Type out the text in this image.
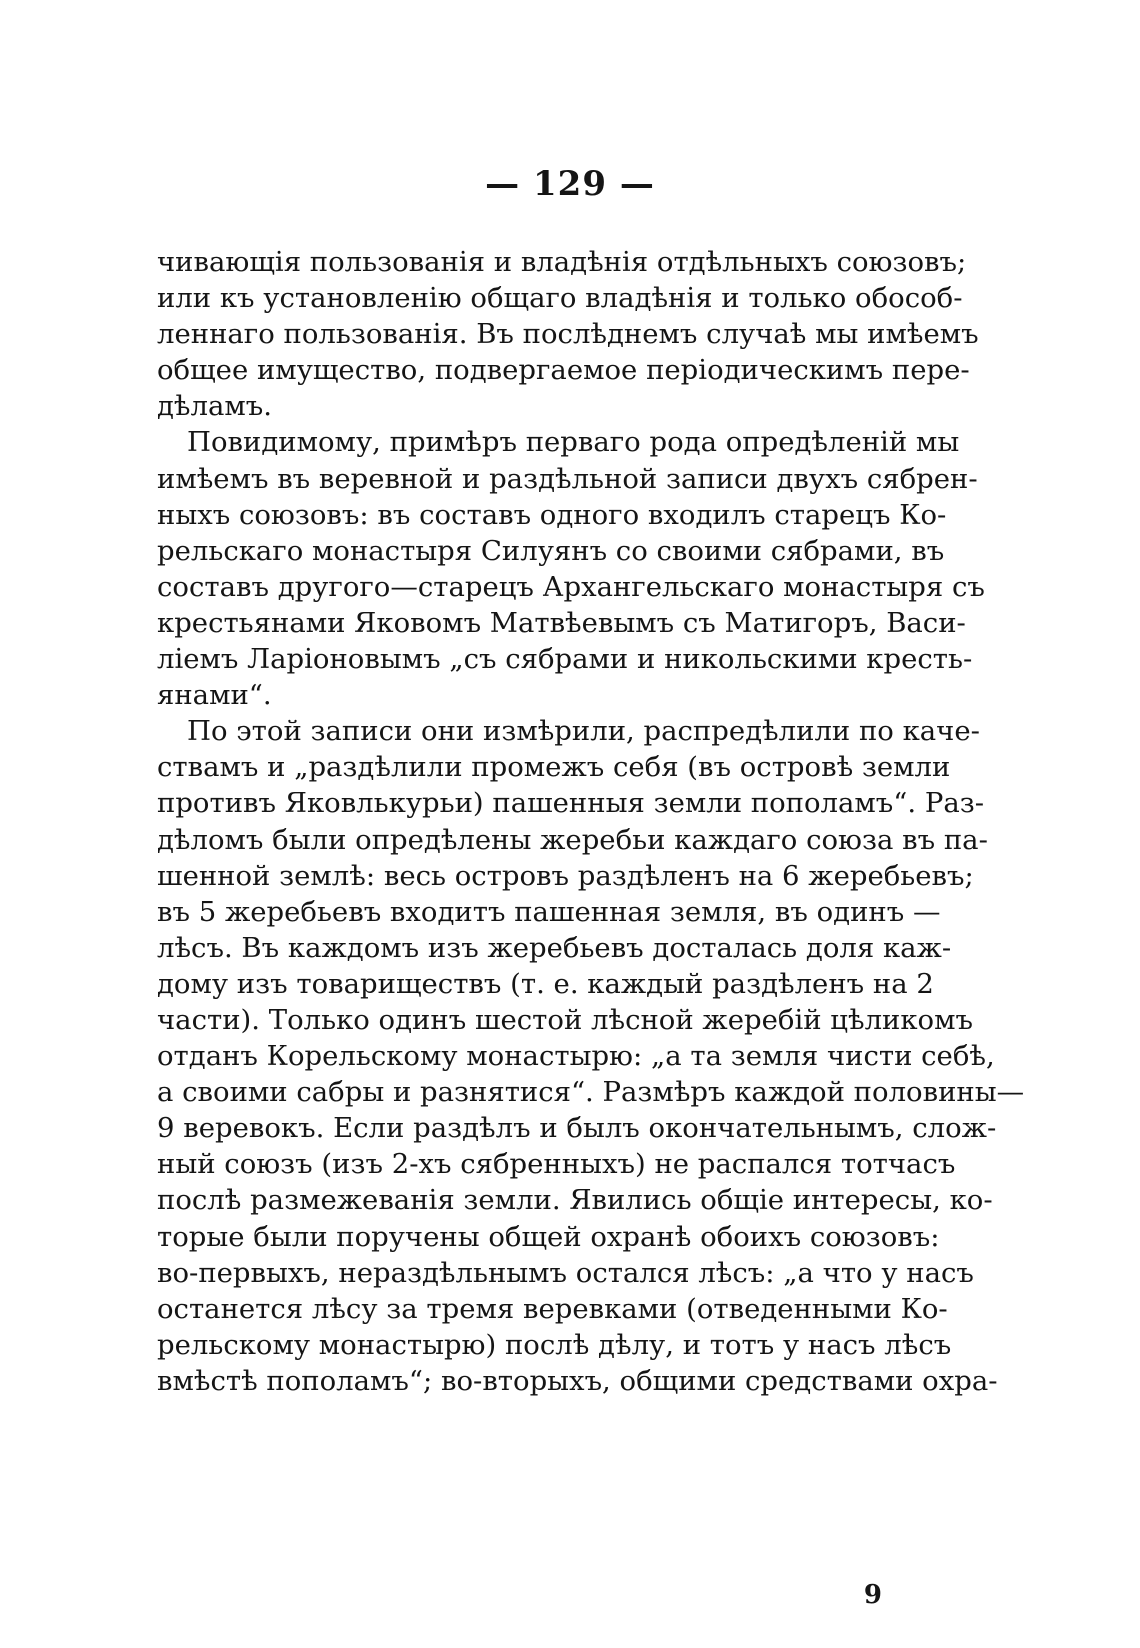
— 129 —
чивающія пользованія и владѣнія отдѣльныхъ союзовъ;
или къ установленію общаго владѣнія и только обособ-
леннаго пользованія. Въ послѣднемъ случаѣ мы имѣемъ
общее имущество, подвергаемое періодическимъ пере-
дѣламъ.
Повидимому, примѣръ перваго рода опредѣленій мы
имѣемъ въ веревной и раздѣльной записи двухъ сябрен-
ныхъ союзовъ: въ составъ одного входилъ старецъ Ко-
рельскаго монастыря Силуянъ со своими сябрами, въ
составъ другого—старецъ Архангельскаго монастыря съ
крестьянами Яковомъ Матвѣевымъ съ Матигоръ, Васи-
ліемъ Ларіоновымъ „съ сябрами и никольскими кресть-
янами“.
По этой записи они измѣрили, распредѣлили по каче-
ствамъ и „раздѣлили промежъ себя (въ островѣ земли
противъ Яковлькурьи) пашенныя земли пополамъ“. Раз-
дѣломъ были опредѣлены жеребьи каждаго союза въ па-
шенной землѣ: весь островъ раздѣленъ на 6 жеребьевъ;
въ 5 жеребьевъ входитъ пашенная земля, въ одинъ —
лѣсъ. Въ каждомъ изъ жеребьевъ досталась доля каж-
дому изъ товариществъ (т. е. каждый раздѣленъ на 2
части). Только одинъ шестой лѣсной жеребій цѣликомъ
отданъ Корельскому монастырю: „а та земля чисти себѣ,
а своими сабры и разнятися“. Размѣръ каждой половины—
9 веревокъ. Если раздѣлъ и былъ окончательнымъ, слож-
ный союзъ (изъ 2-хъ сябренныхъ) не распался тотчасъ
послѣ размежеванія земли. Явились общіе интересы, ко-
торые были поручены общей охранѣ обоихъ союзовъ:
во-первыхъ, нераздѣльнымъ остался лѣсъ: „а что у насъ
останется лѣсу за тремя веревками (отведенными Ко-
рельскому монастырю) послѣ дѣлу, и тотъ у насъ лѣсъ
вмѣстѣ пополамъ“; во-вторыхъ, общими средствами охра-
9
